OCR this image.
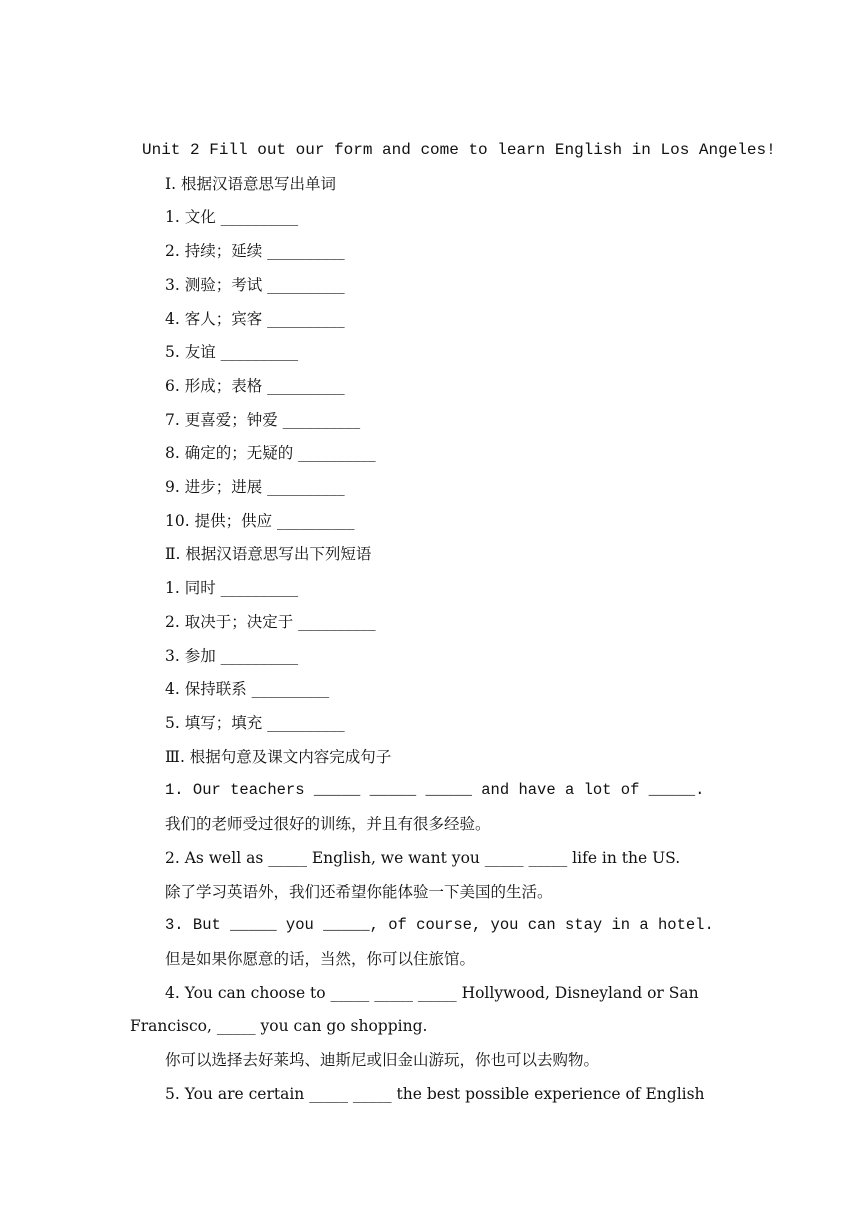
Unit 2 Fill out our form and come to learn English in Los Angeles!
Ⅰ. 根据汉语意思写出单词
1. 文化 __________
2. 持续；延续 __________
3. 测验；考试 __________
4. 客人；宾客 __________
5. 友谊 __________
6. 形成；表格 __________
7. 更喜爱；钟爱 __________
8. 确定的；无疑的 __________
9. 进步；进展 __________
10. 提供；供应 __________
Ⅱ. 根据汉语意思写出下列短语
1. 同时 __________
2. 取决于；决定于 __________
3. 参加 __________
4. 保持联系 __________
5. 填写；填充 __________
Ⅲ. 根据句意及课文内容完成句子
1. Our teachers _____ _____ _____ and have a lot of _____.
我们的老师受过很好的训练，并且有很多经验。
2. As well as _____ English, we want you _____ _____ life in the US.
除了学习英语外，我们还希望你能体验一下美国的生活。
3. But _____ you _____, of course, you can stay in a hotel.
但是如果你愿意的话，当然，你可以住旅馆。
4. You can choose to _____ _____ _____ Hollywood, Disneyland or San
Francisco, _____ you can go shopping.
你可以选择去好莱坞、迪斯尼或旧金山游玩，你也可以去购物。
5. You are certain _____ _____ the best possible experience of English
